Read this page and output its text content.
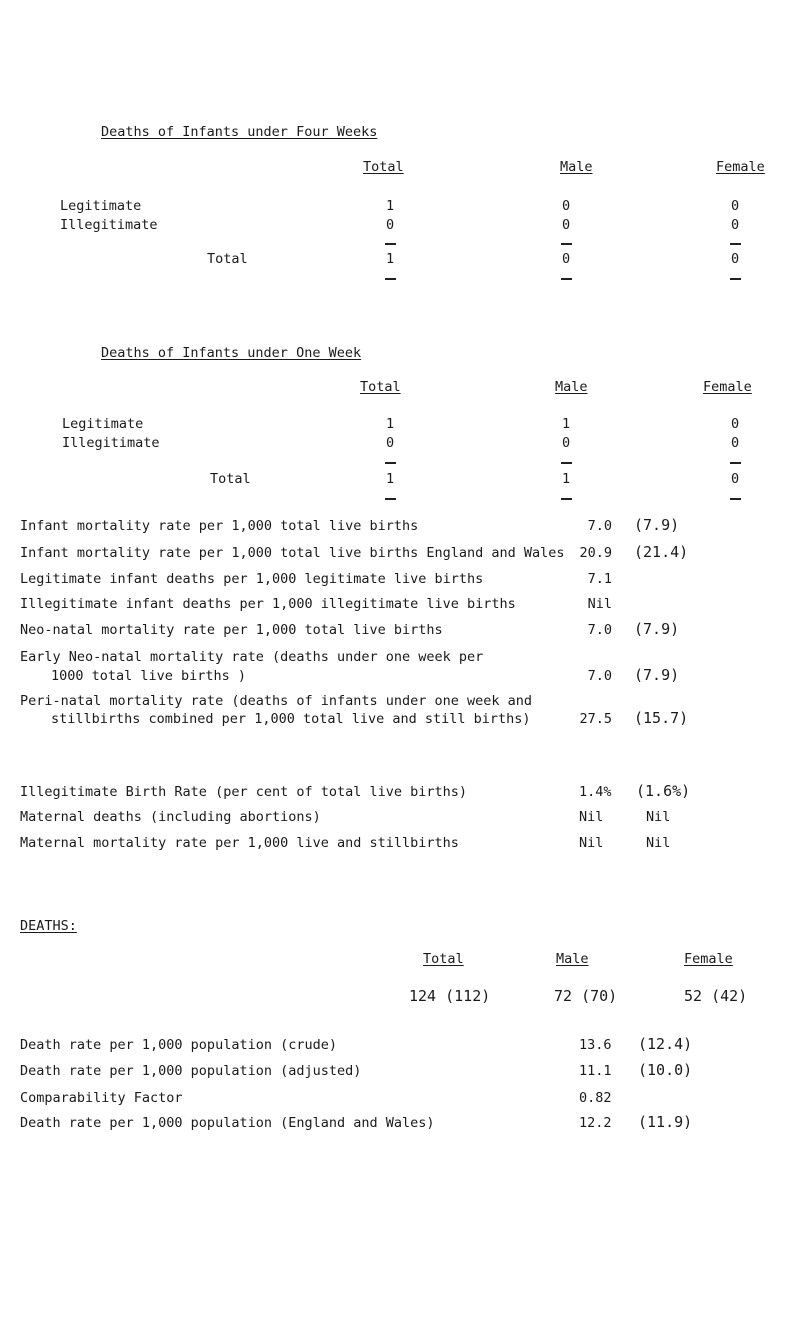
Deaths of Infants under Four Weeks
Total	Male	Female
Legitimate	1	0	0
Illegitimate	0	0	0
Total	1	0	0
Deaths of Infants under One Week
Total	Male	Female
Legitimate	1	1	0
Illegitimate	0	0	0
Total	1	1	0
Infant mortality rate per 1,000 total live births	7.0 (7.9)
Infant mortality rate per 1,000 total live births England and Wales	20.9 (21.4)
Legitimate infant deaths per 1,000 legitimate live births	7.1
Illegitimate infant deaths per 1,000 illegitimate live births	Nil
Neo-natal mortality rate per 1,000 total live births	7.0 (7.9)
Early Neo-natal mortality rate (deaths under one week per
1000 total live births )	7.0 (7.9)
Peri-natal mortality rate (deaths of infants under one week and
stillbirths combined per 1,000 total live and still births)	27.5 (15.7)
Illegitimate Birth Rate (per cent of total live births)	1.4% (1.6%)
Maternal deaths (including abortions)	Nil	Nil
Maternal mortality rate per 1,000 live and stillbirths	Nil	Nil
DEATHS:
Total	Male	Female
124 (112)	72 (70)	52 (42)
Death rate per 1,000 population (crude)	13.6 (12.4)
Death rate per 1,000 population (adjusted)	11.1 (10.0)
Comparability Factor	0.82
Death rate per 1,000 population (England and Wales)	12.2 (11.9)
